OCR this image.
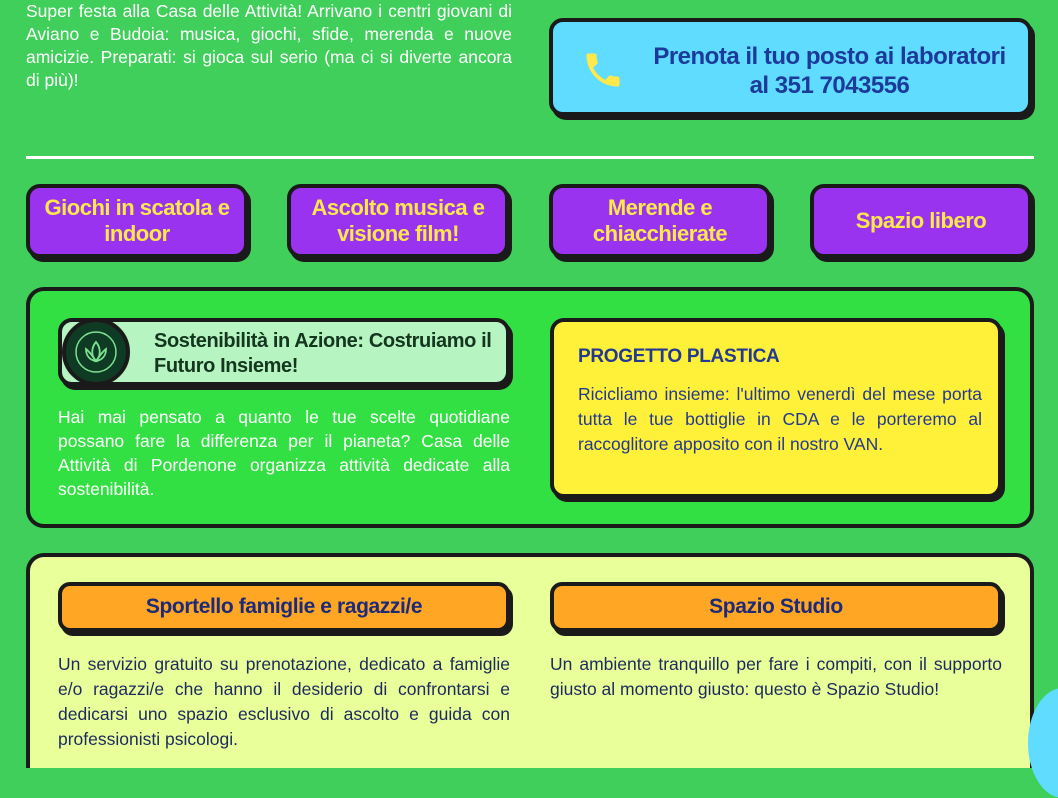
Super festa alla Casa delle Attività! Arrivano i centri giovani di Aviano e Budoia: musica, giochi, sfide, merenda e nuove amicizie. Preparati: si gioca sul serio (ma ci si diverte ancora di più)!
Prenota il tuo posto ai laboratori al 351 7043556
Giochi in scatola e indoor
Ascolto musica e visione film!
Merende e chiacchierate
Spazio libero
Sostenibilità in Azione: Costruiamo il Futuro Insieme!
Hai mai pensato a quanto le tue scelte quotidiane possano fare la differenza per il pianeta? Casa delle Attività di Pordenone organizza attività dedicate alla sostenibilità.
PROGETTO PLASTICA
Ricicliamo insieme: l'ultimo venerdì del mese porta tutta le tue bottiglie in CDA e le porteremo al raccoglitore apposito con il nostro VAN.
Sportello famiglie e ragazzi/e	Spazio Studio
Un servizio gratuito su prenotazione, dedicato a famiglie e/o ragazzi/e che hanno il desiderio di confrontarsi e dedicarsi uno spazio esclusivo di ascolto e guida con professionisti psicologi.
Un ambiente tranquillo per fare i compiti, con il supporto giusto al momento giusto: questo è Spazio Studio!
